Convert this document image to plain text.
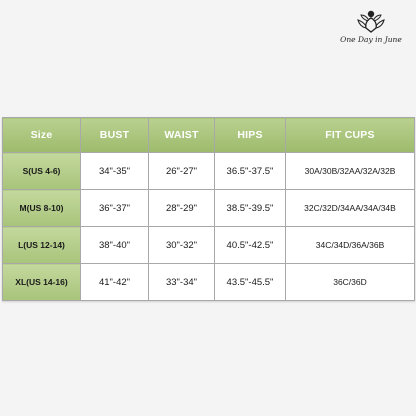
One Day in June
Size	BUST	WAIST	HIPS	FIT CUPS
S(US 4-6)	34"-35"	26"-27"	36.5"-37.5"	30A/30B/32AA/32A/32B
M(US 8-10)	36"-37"	28"-29"	38.5"-39.5"	32C/32D/34AA/34A/34B
L(US 12-14)	38"-40"	30"-32"	40.5"-42.5"	34C/34D/36A/36B
XL(US 14-16)	41"-42"	33"-34"	43.5"-45.5"	36C/36D
